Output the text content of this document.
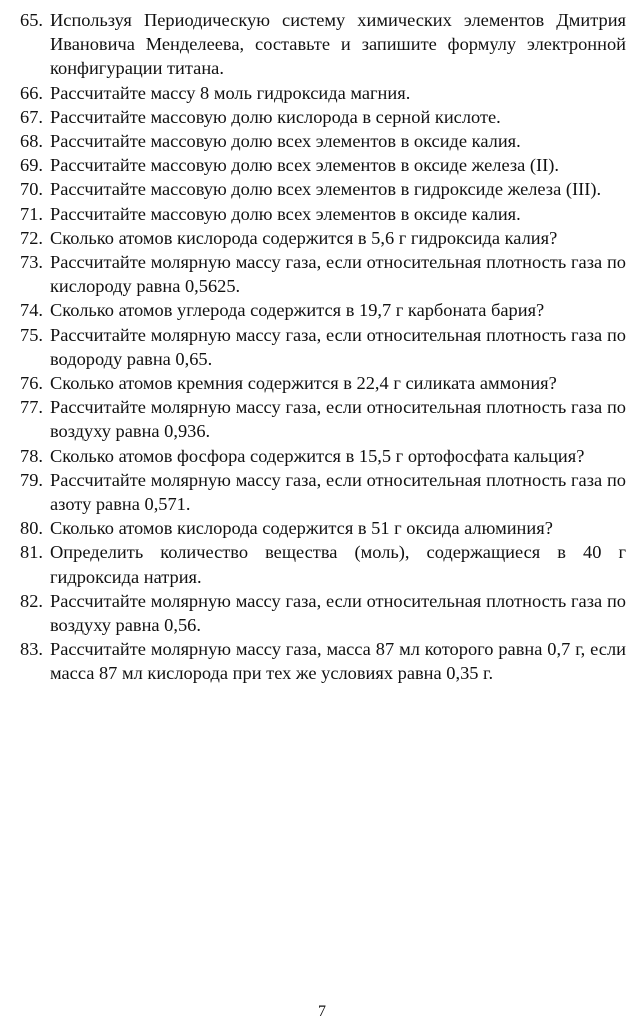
65. Используя Периодическую систему химических элементов Дмитрия Ивановича Менделеева, составьте и запишите формулу электронной конфигурации титана.
66. Рассчитайте массу 8 моль гидроксида магния.
67. Рассчитайте массовую долю кислорода в серной кислоте.
68. Рассчитайте массовую долю всех элементов в оксиде калия.
69. Рассчитайте массовую долю всех элементов в оксиде железа (II).
70. Рассчитайте массовую долю всех элементов в гидроксиде железа (III).
71. Рассчитайте массовую долю всех элементов в оксиде калия.
72. Сколько атомов кислорода содержится в 5,6 г гидроксида калия?
73. Рассчитайте молярную массу газа, если относительная плотность газа по кислороду равна 0,5625.
74. Сколько атомов углерода содержится в 19,7 г карбоната бария?
75. Рассчитайте молярную массу газа, если относительная плотность газа по водороду равна 0,65.
76. Сколько атомов кремния содержится в 22,4 г силиката аммония?
77. Рассчитайте молярную массу газа, если относительная плотность газа по воздуху равна 0,936.
78. Сколько атомов фосфора содержится в 15,5 г ортофосфата кальция?
79. Рассчитайте молярную массу газа, если относительная плотность газа по азоту равна 0,571.
80. Сколько атомов кислорода содержится в 51 г оксида алюминия?
81. Определить количество вещества (моль), содержащиеся в 40 г гидроксида натрия.
82. Рассчитайте молярную массу газа, если относительная плотность газа по воздуху равна 0,56.
83. Рассчитайте молярную массу газа, масса 87 мл которого равна 0,7 г, если масса 87 мл кислорода при тех же условиях равна 0,35 г.
7
